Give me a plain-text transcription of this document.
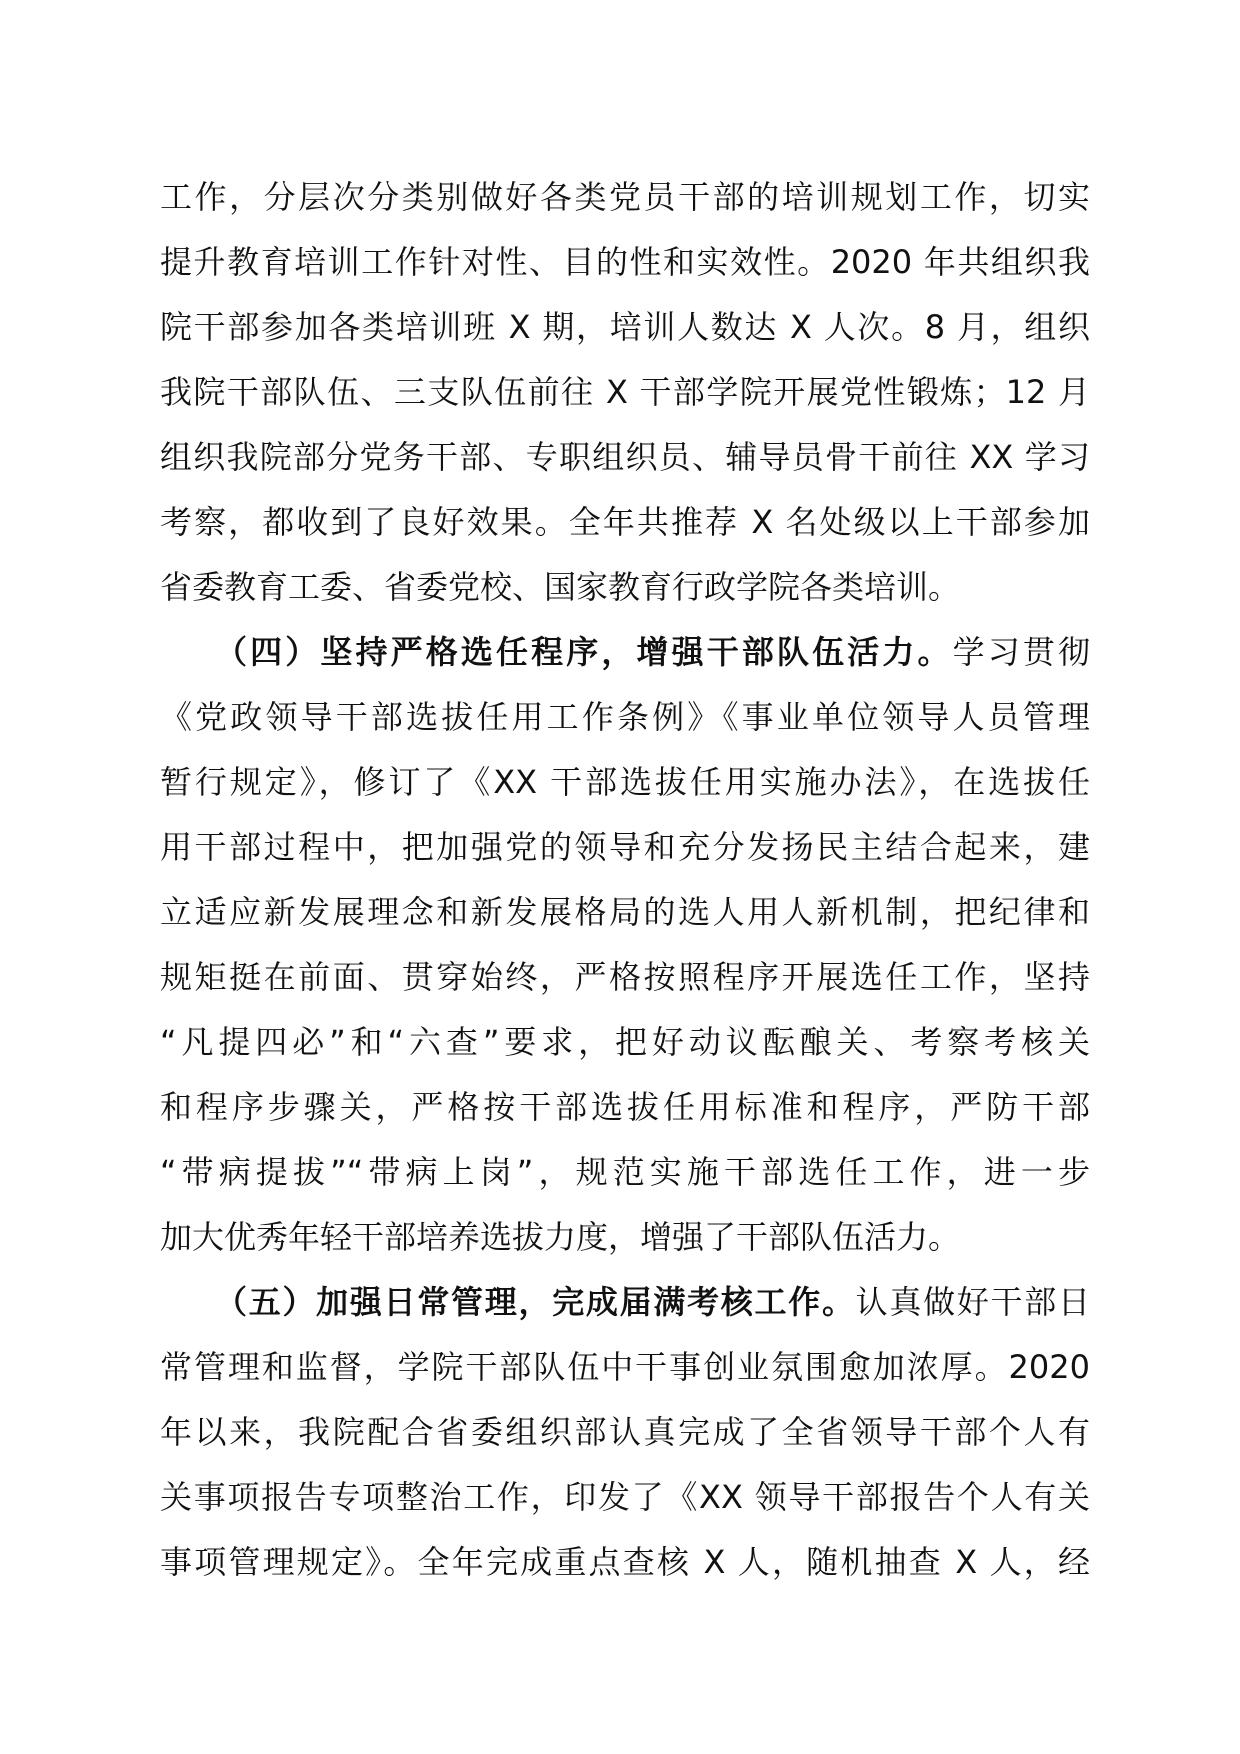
工作，分层次分类别做好各类党员干部的培训规划工作，切实
提升教育培训工作针对性、目的性和实效性。2020 年共组织我
院干部参加各类培训班 X 期，培训人数达 X 人次。8 月，组织
我院干部队伍、三支队伍前往 X 干部学院开展党性锻炼；12 月
组织我院部分党务干部、专职组织员、辅导员骨干前往 XX 学习
考察，都收到了良好效果。全年共推荐 X 名处级以上干部参加
省委教育工委、省委党校、国家教育行政学院各类培训。
（四）坚持严格选任程序，增强干部队伍活力。学习贯彻
《党政领导干部选拔任用工作条例》《事业单位领导人员管理
暂行规定》，修订了《XX 干部选拔任用实施办法》，在选拔任
用干部过程中，把加强党的领导和充分发扬民主结合起来，建
立适应新发展理念和新发展格局的选人用人新机制，把纪律和
规矩挺在前面、贯穿始终，严格按照程序开展选任工作，坚持
“凡提四必”和“六查”要求，把好动议酝酿关、考察考核关
和程序步骤关，严格按干部选拔任用标准和程序，严防干部
“带病提拔”“带病上岗”，规范实施干部选任工作，进一步
加大优秀年轻干部培养选拔力度，增强了干部队伍活力。
（五）加强日常管理，完成届满考核工作。认真做好干部日
常管理和监督，学院干部队伍中干事创业氛围愈加浓厚。2020
年以来，我院配合省委组织部认真完成了全省领导干部个人有
关事项报告专项整治工作，印发了《XX 领导干部报告个人有关
事项管理规定》。全年完成重点查核 X 人，随机抽查 X 人，经
